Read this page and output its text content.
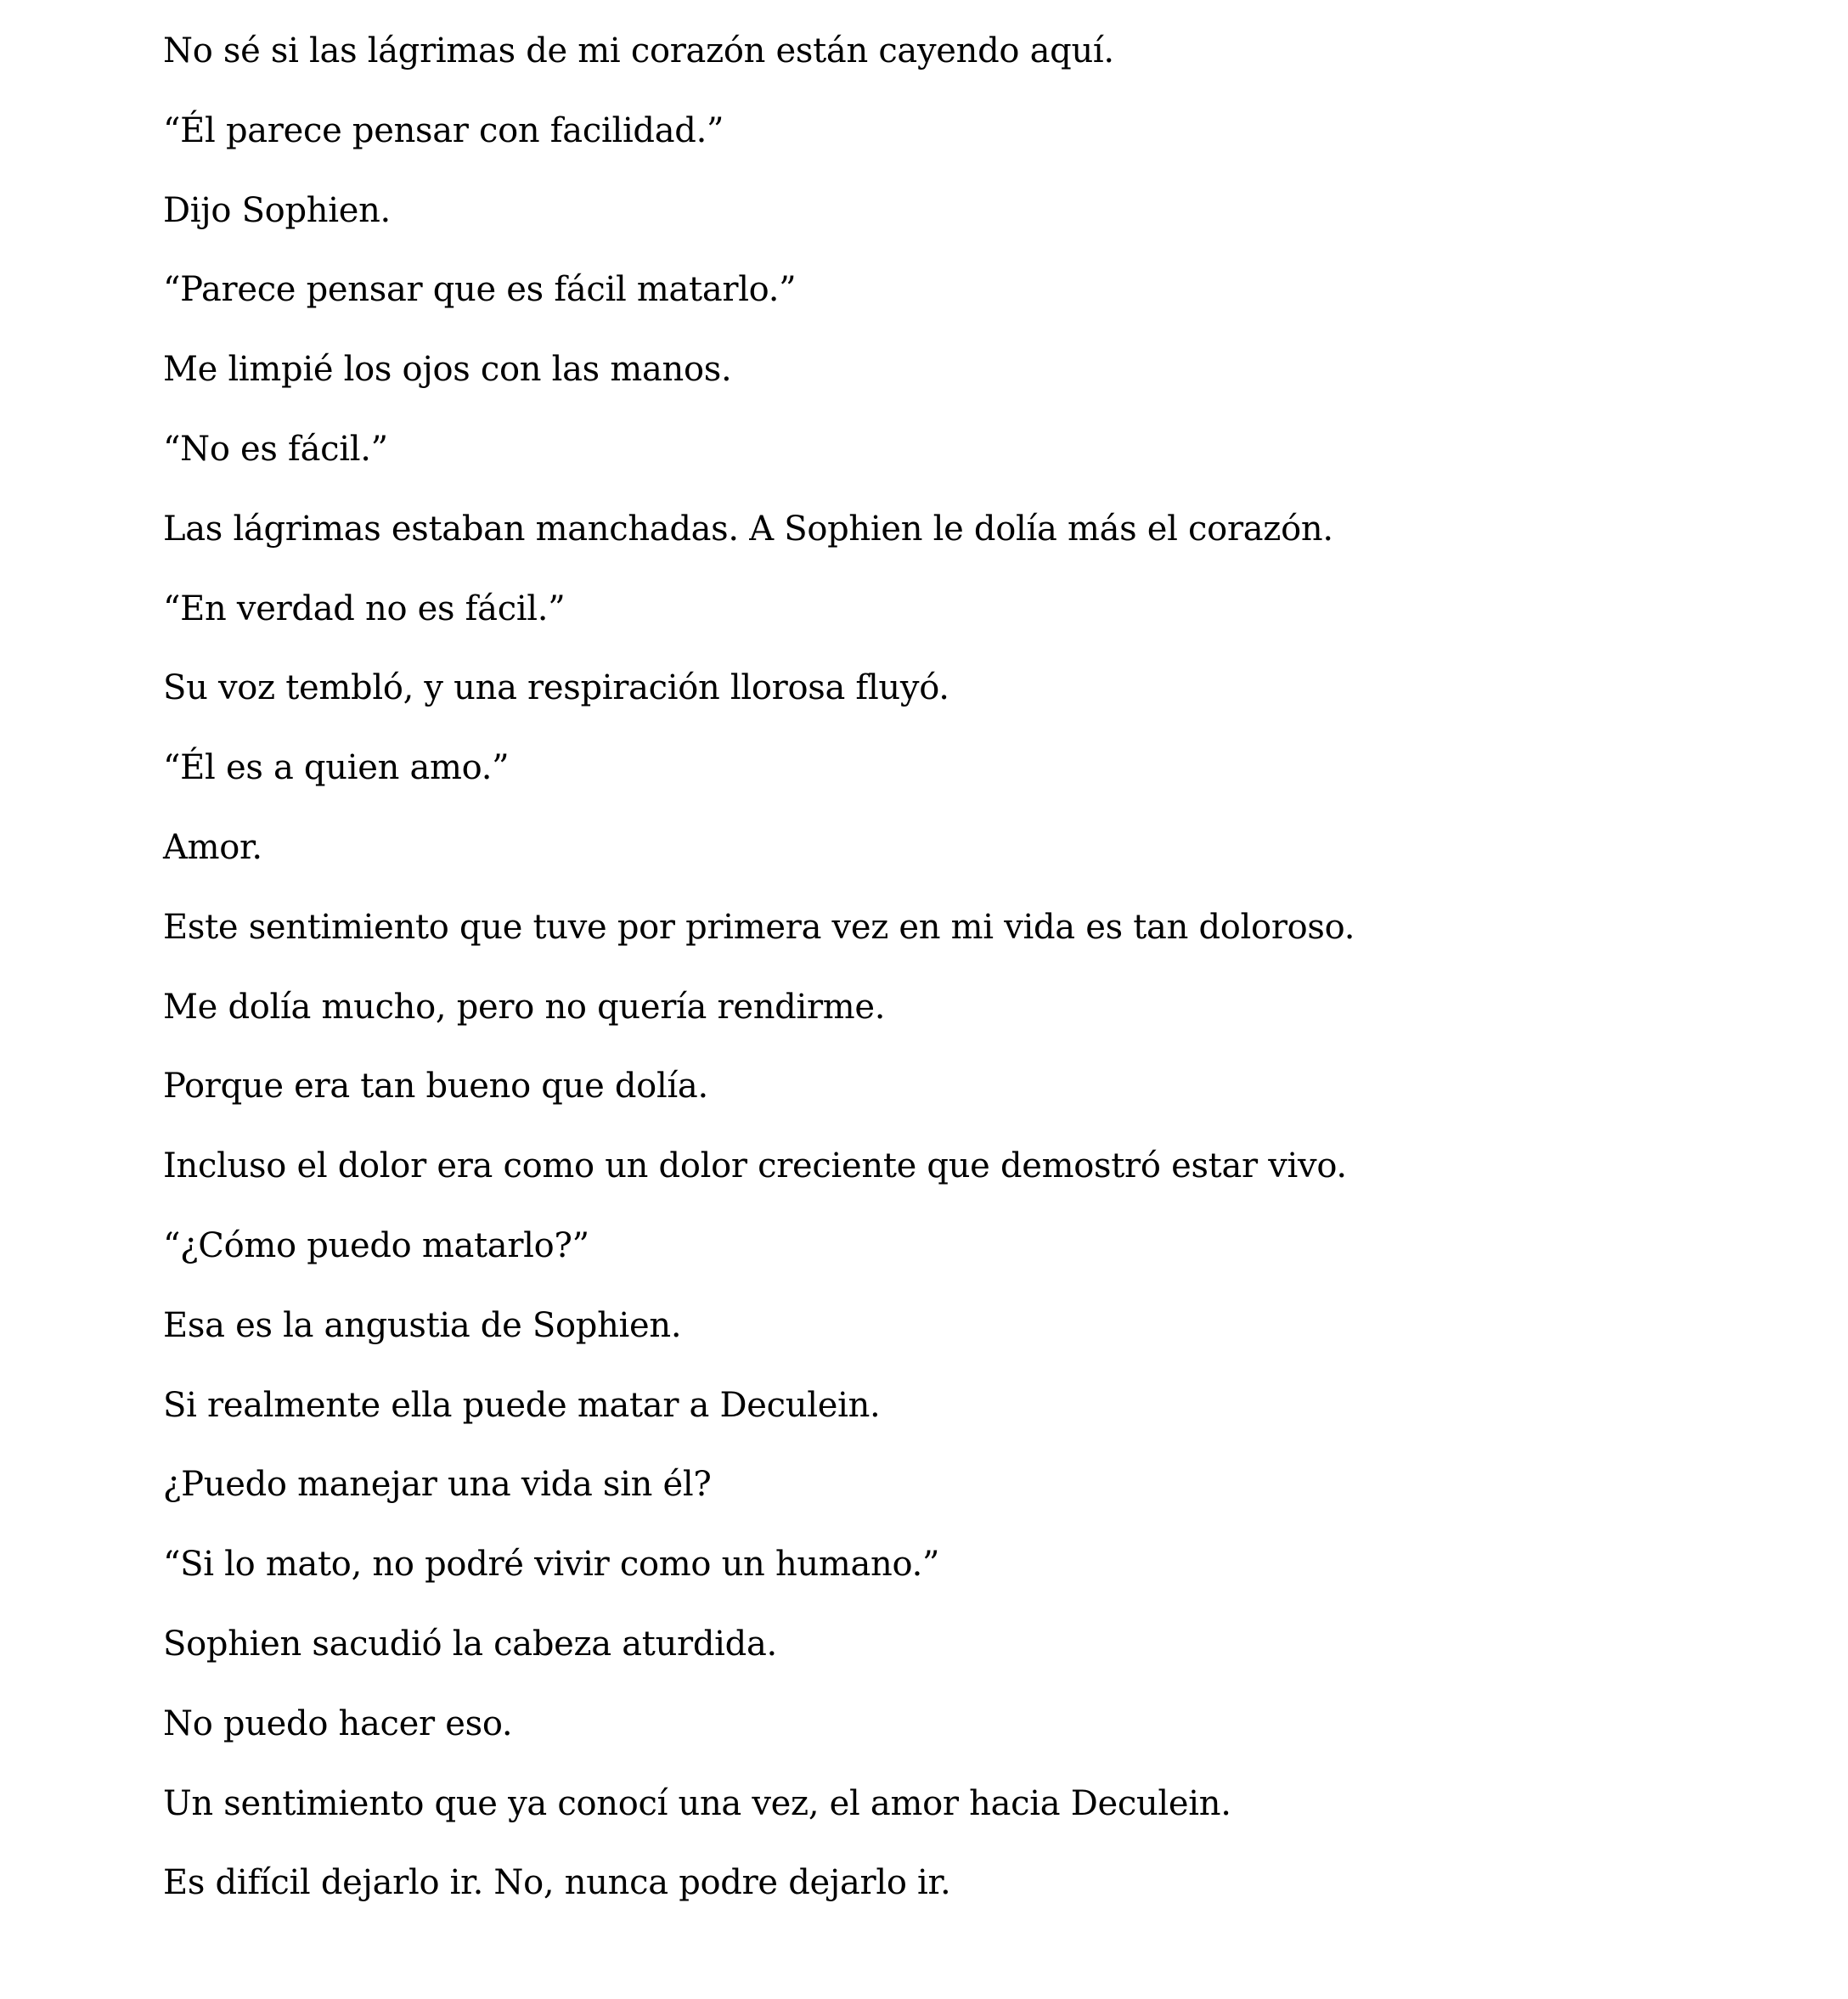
No sé si las lágrimas de mi corazón están cayendo aquí.

“Él parece pensar con facilidad.”

Dijo Sophien.

“Parece pensar que es fácil matarlo.”

Me limpié los ojos con las manos.

“No es fácil.”

Las lágrimas estaban manchadas. A Sophien le dolía más el corazón.

“En verdad no es fácil.”

Su voz tembló, y una respiración llorosa fluyó.

“Él es a quien amo.”

Amor.

Este sentimiento que tuve por primera vez en mi vida es tan doloroso.

Me dolía mucho, pero no quería rendirme.

Porque era tan bueno que dolía.

Incluso el dolor era como un dolor creciente que demostró estar vivo.

“¿Cómo puedo matarlo?”

Esa es la angustia de Sophien.

Si realmente ella puede matar a Deculein.

¿Puedo manejar una vida sin él?

“Si lo mato, no podré vivir como un humano.”

Sophien sacudió la cabeza aturdida.

No puedo hacer eso.

Un sentimiento que ya conocí una vez, el amor hacia Deculein.

Es difícil dejarlo ir. No, nunca podre dejarlo ir.
